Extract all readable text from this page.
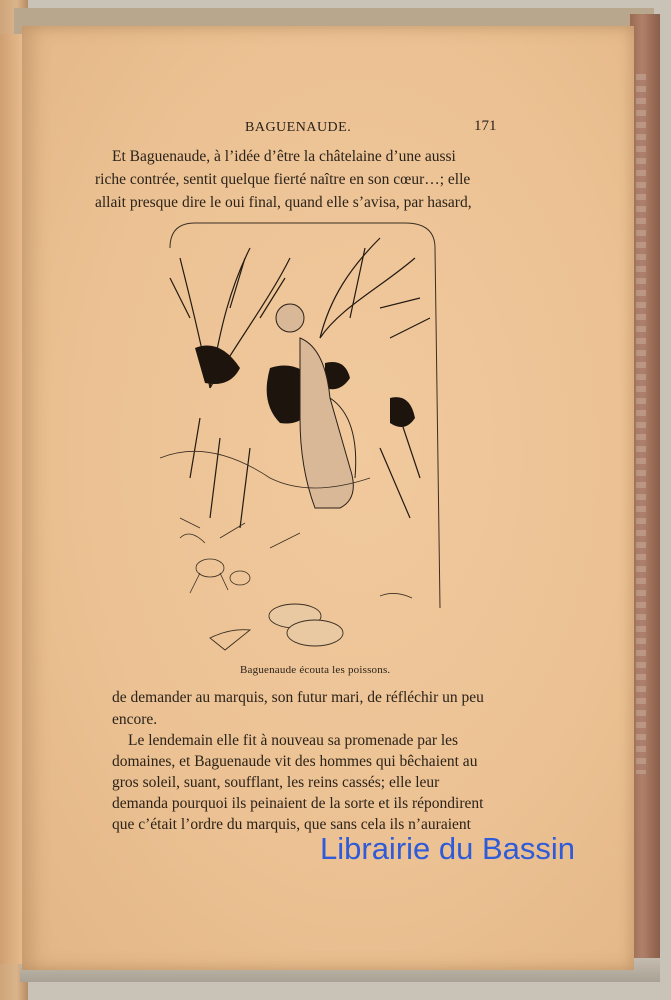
BAGUENAUDE.	171
Et Baguenaude, à l’idée d’être la châtelaine d’une aussi
riche contrée, sentit quelque fierté naître en son cœur…; elle
allait presque dire le oui final, quand elle s’avisa, par hasard,
Baguenaude écouta les poissons.
de demander au marquis, son futur mari, de réfléchir un peu
encore.
Le lendemain elle fit à nouveau sa promenade par les
domaines, et Baguenaude vit des hommes qui bêchaient au
gros soleil, suant, soufflant, les reins cassés; elle leur
demanda pourquoi ils peinaient de la sorte et ils répondirent
que c’était l’ordre du marquis, que sans cela ils n’auraient
Librairie du Bassin
